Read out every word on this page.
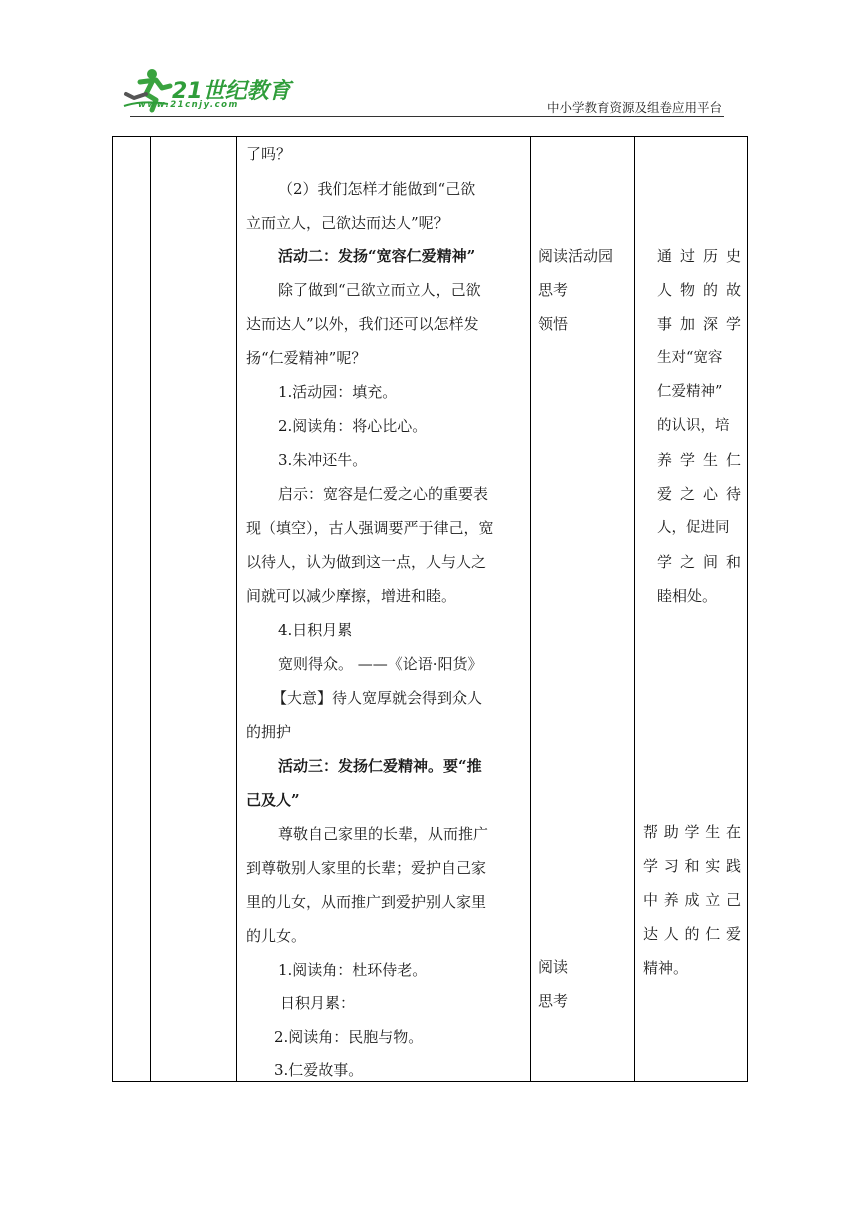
21世纪教育
www.21cnjy.com	中小学教育资源及组卷应用平台
了吗？
（2）我们怎样才能做到“己欲
立而立人，己欲达而达人”呢？
活动二：发扬“宽容仁爱精神”
除了做到“己欲立而立人，己欲
达而达人”以外，我们还可以怎样发
扬“仁爱精神”呢？
1.活动园：填充。
2.阅读角：将心比心。
3.朱冲还牛。
启示：宽容是仁爱之心的重要表
现（填空），古人强调要严于律己，宽
以待人，认为做到这一点，人与人之
间就可以减少摩擦，增进和睦。
4.日积月累
宽则得众。 ——《论语·阳货》
【大意】待人宽厚就会得到众人
的拥护
活动三：发扬仁爱精神。要“推
己及人”
尊敬自己家里的长辈，从而推广
到尊敬别人家里的长辈；爱护自己家
里的儿女，从而推广到爱护别人家里
的儿女。
1.阅读角：杜环侍老。
日积月累：
2.阅读角：民胞与物。
3.仁爱故事。
阅读活动园
思考
领悟
阅读
思考
通 过 历 史
人 物 的 故
事 加 深 学
生对“宽容
仁爱精神”
的认识，培
养 学 生 仁
爱 之 心 待
人，促进同
学 之 间 和
睦相处。
帮 助 学 生 在
学 习 和 实 践
中 养 成 立 己
达 人 的 仁 爱
精神。
